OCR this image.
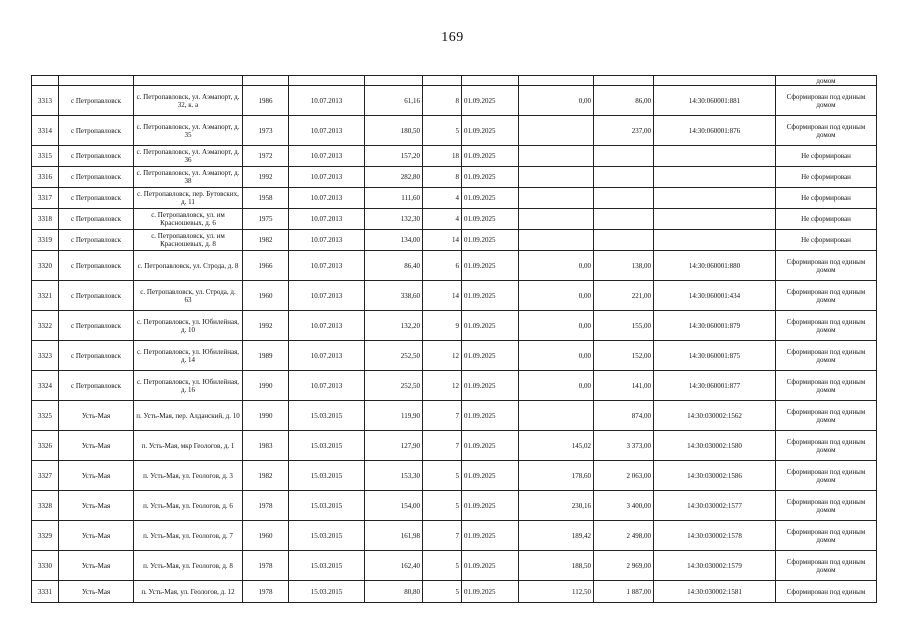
169
											домом
3313	с Петропавловск	с. Петропавловск, ул. Аэмапорт, д. 32, к. а	1986	10.07.2013	61,16	8	01.09.2025	0,00	86,00	14:30:060001:881	Сформирован под единым домом
3314	с Петропавловск	с. Петропавловск, ул. Аэмапорт, д. 35	1973	10.07.2013	180,50	5	01.09.2025		237,00	14:30:060001:876	Сформирован под единым домом
3315	с Петропавловск	с. Петропавловск, ул. Аэмапорт, д. 36	1972	10.07.2013	157,20	18	01.09.2025				Не сформирован
3316	с Петропавловск	с. Петропавловск, ул. Аэмапорт, д. 38	1992	10.07.2013	282,80	8	01.09.2025				Не сформирован
3317	с Петропавловск	с. Петропавловск, пер. Бутовских, д. 11	1958	10.07.2013	111,60	4	01.09.2025				Не сформирован
3318	с Петропавловск	с. Петропавловск, ул. им Красношевых, д. 6	1975	10.07.2013	132,30	4	01.09.2025				Не сформирован
3319	с Петропавловск	с. Петропавловск, ул. им Красношевых, д. 8	1982	10.07.2013	134,00	14	01.09.2025				Не сформирован
3320	с Петропавловск	с. Петропавловск, ул. Строда, д. 8	1966	10.07.2013	86,40	6	01.09.2025	0,00	138,00	14:30:060001:880	Сформирован под единым домом
3321	с Петропавловск	с. Петропавловск, ул. Строда, д. 63	1960	10.07.2013	338,60	14	01.09.2025	0,00	221,00	14:30:060001:434	Сформирован под единым домом
3322	с Петропавловск	с. Петропавловск, ул. Юбилейная, д. 10	1992	10.07.2013	132,20	9	01.09.2025	0,00	155,00	14:30:060001:879	Сформирован под единым домом
3323	с Петропавловск	с. Петропавловск, ул. Юбилейная, д. 14	1989	10.07.2013	252,50	12	01.09.2025	0,00	152,00	14:30:060001:875	Сформирован под единым домом
3324	с Петропавловск	с. Петропавловск, ул. Юбилейная, д. 16	1990	10.07.2013	252,50	12	01.09.2025	0,00	141,00	14:30:060001:877	Сформирован под единым домом
3325	Усть-Мая	п. Усть-Мая, пер. Алданский, д. 10	1990	15.03.2015	119,90	7	01.09.2025		874,00	14:30:030002:1562	Сформирован под единым домом
3326	Усть-Мая	п. Усть-Мая, мкр Геологов, д. 1	1983	15.03.2015	127,90	7	01.09.2025	145,02	3 373,00	14:30:030002:1580	Сформирован под единым домом
3327	Усть-Мая	п. Усть-Мая, ул. Геологов, д. 3	1982	15.03.2015	153,30	5	01.09.2025	178,60	2 063,00	14:30:030002:1586	Сформирован под единым домом
3328	Усть-Мая	п. Усть-Мая, ул. Геологов, д. 6	1978	15.03.2015	154,00	5	01.09.2025	230,16	3 400,00	14:30:030002:1577	Сформирован под единым домом
3329	Усть-Мая	п. Усть-Мая, ул. Геологов, д. 7	1960	15.03.2015	161,98	7	01.09.2025	189,42	2 498,00	14:30:030002:1578	Сформирован под единым домом
3330	Усть-Мая	п. Усть-Мая, ул. Геологов, д. 8	1978	15.03.2015	162,40	5	01.09.2025	188,50	2 969,00	14:30:030002:1579	Сформирован под единым домом
3331	Усть-Мая	п. Усть-Мая, ул. Геологов, д. 12	1978	15.03.2015	80,80	5	01.09.2025	112,50	1 887,00	14:30:030002:1581	Сформирован под единым
